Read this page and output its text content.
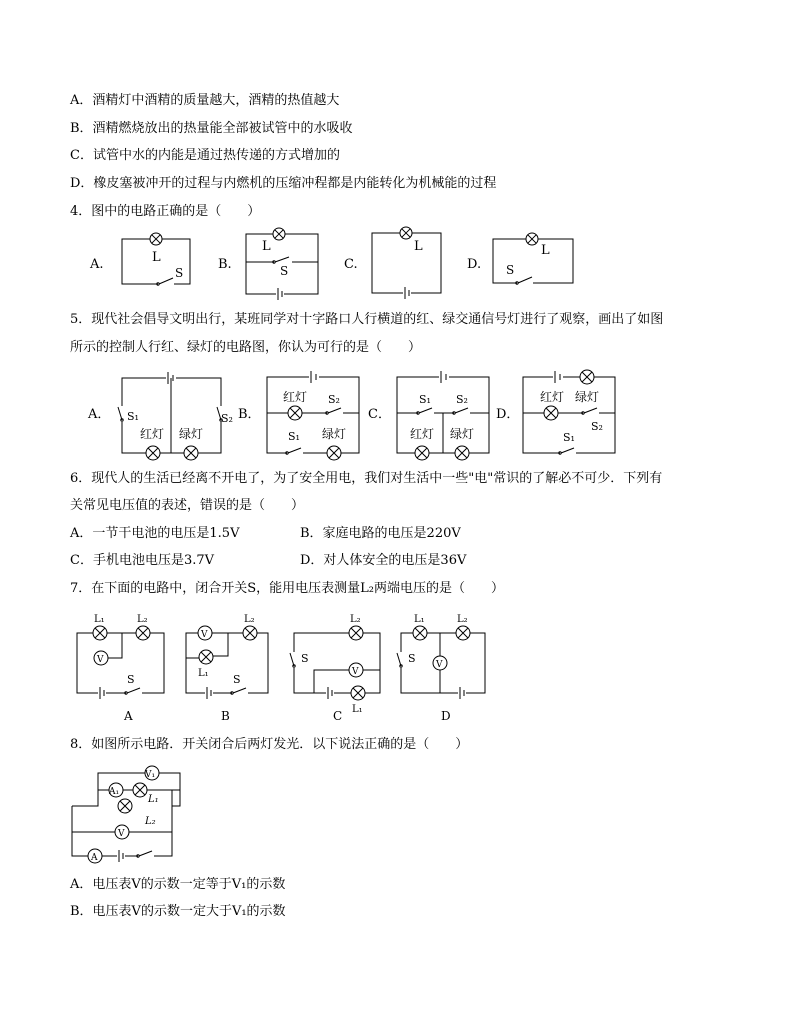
A．酒精灯中酒精的质量越大，酒精的热值越大
B．酒精燃烧放出的热量能全部被试管中的水吸收
C．试管中水的内能是通过热传递的方式增加的
D．橡皮塞被冲开的过程与内燃机的压缩冲程都是内能转化为机械能的过程
4．图中的电路正确的是（　　）
A.	L
S
B.
L
S	C.
L
D.
L
S
5．现代社会倡导文明出行，某班同学对十字路口人行横道的红、绿交通信号灯进行了观察，画出了如图
所示的控制人行红、绿灯的电路图，你认为可行的是（　　）
A． S₁	S₂
红灯 绿灯
B．
红灯 S₂
S₁ 绿灯
C．
S₁ S₂
红灯 绿灯
D．
红灯 绿灯
S₂
S₁
6．现代人的生活已经离不开电了，为了安全用电，我们对生活中一些"电"常识的了解必不可少．下列有
关常见电压值的表述，错误的是（　　）
A．一节干电池的电压是1.5V	B．家庭电路的电压是220V
C．手机电池电压是3.7V	D．对人体安全的电压是36V
7．在下面的电路中，闭合开关S，能用电压表测量L₂两端电压的是（　　）
L₁	L₂
V
S
A
V
L₂
L₁ S
B
L₂
V
L₁
S
C
L₁	L₂
V
S
D
8．如图所示电路．开关闭合后两灯发光．以下说法正确的是（　　）
V₁
A₁
L₁
L₂
V
A
A．电压表V的示数一定等于V₁的示数
B．电压表V的示数一定大于V₁的示数
